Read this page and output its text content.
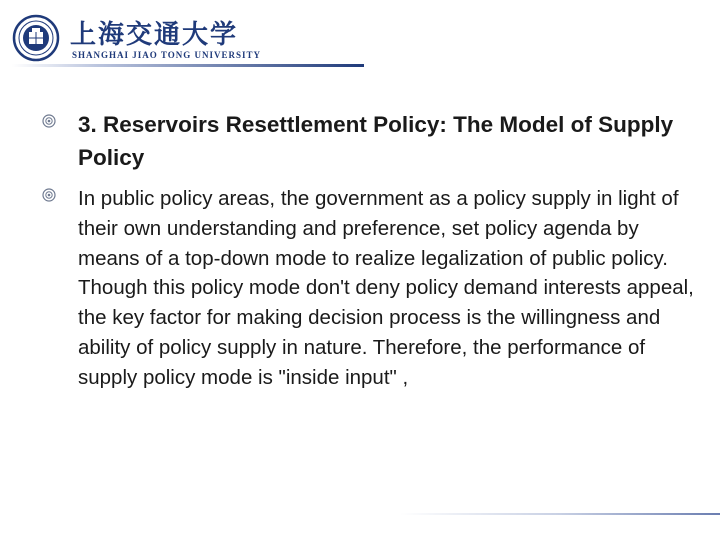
上海交通大学
SHANGHAI JIAO TONG UNIVERSITY
3. Reservoirs Resettlement Policy: The Model of Supply Policy
In public policy areas, the government as a policy supply in light of their own understanding and preference, set policy agenda by means of a top-down mode to realize legalization of public policy. Though this policy mode don't deny policy demand interests appeal, the key factor for making decision process is the willingness and ability of policy supply in nature. Therefore, the performance of supply policy mode is "inside input" ,
